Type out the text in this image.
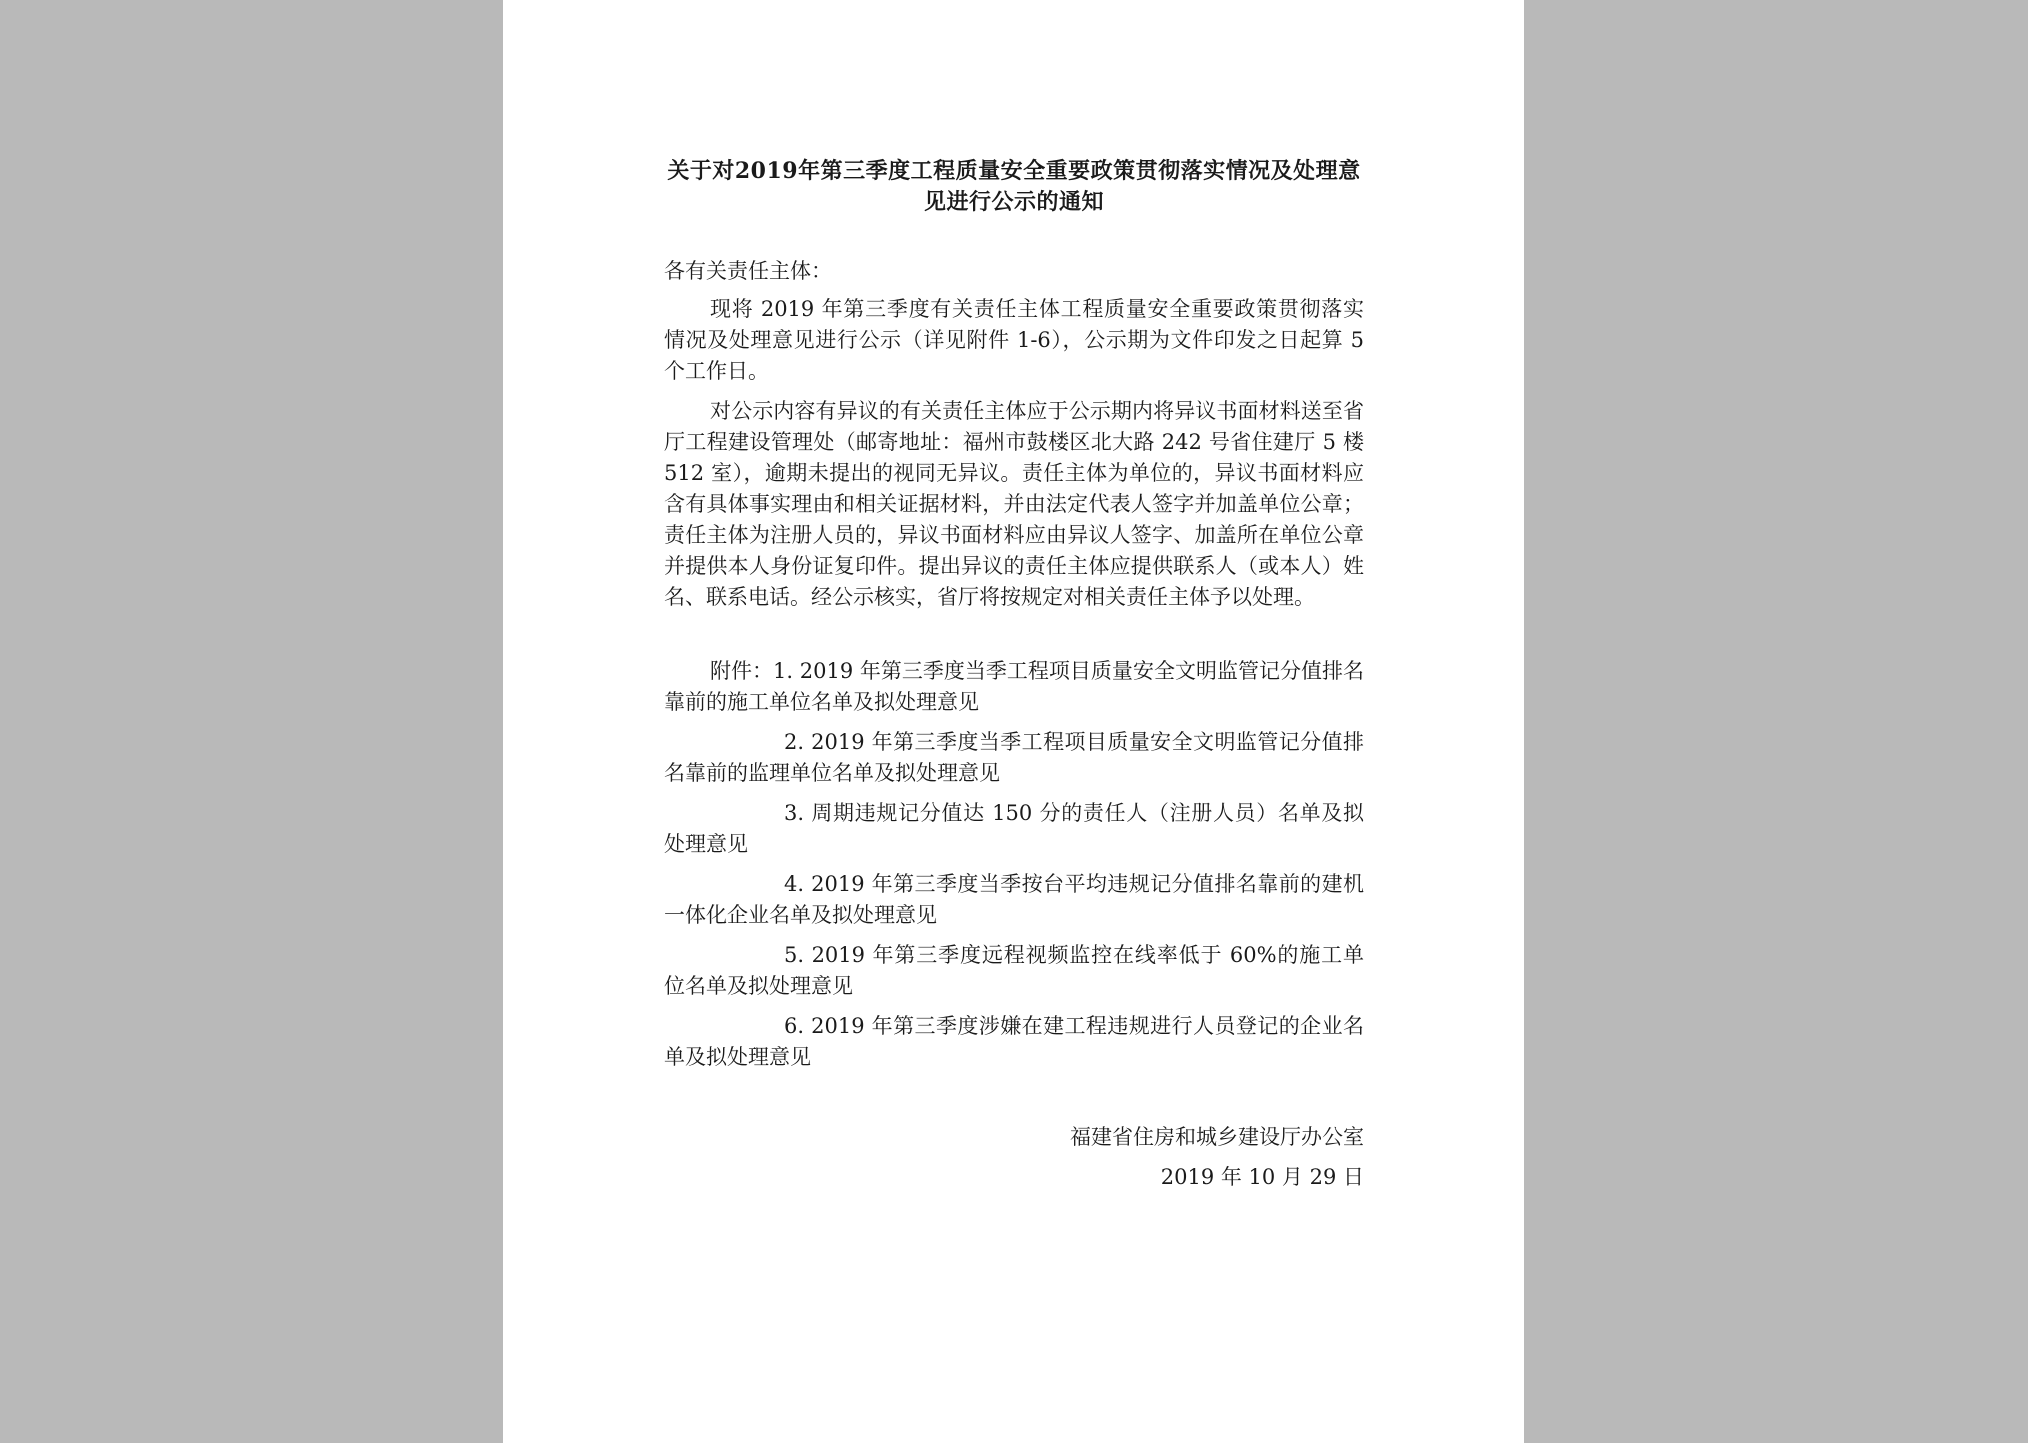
关于对2019年第三季度工程质量安全重要政策贯彻落实情况及处理意见进行公示的通知
各有关责任主体：

现将 2019 年第三季度有关责任主体工程质量安全重要政策贯彻落实情况及处理意见进行公示（详见附件 1-6），公示期为文件印发之日起算 5 个工作日。

对公示内容有异议的有关责任主体应于公示期内将异议书面材料送至省厅工程建设管理处（邮寄地址：福州市鼓楼区北大路 242 号省住建厅 5 楼 512 室），逾期未提出的视同无异议。责任主体为单位的，异议书面材料应含有具体事实理由和相关证据材料，并由法定代表人签字并加盖单位公章；责任主体为注册人员的，异议书面材料应由异议人签字、加盖所在单位公章并提供本人身份证复印件。提出异议的责任主体应提供联系人（或本人）姓名、联系电话。经公示核实，省厅将按规定对相关责任主体予以处理。

附件：1. 2019 年第三季度当季工程项目质量安全文明监管记分值排名靠前的施工单位名单及拟处理意见

2. 2019 年第三季度当季工程项目质量安全文明监管记分值排名靠前的监理单位名单及拟处理意见

3. 周期违规记分值达 150 分的责任人（注册人员）名单及拟处理意见

4. 2019 年第三季度当季按台平均违规记分值排名靠前的建机一体化企业名单及拟处理意见

5. 2019 年第三季度远程视频监控在线率低于 60%的施工单位名单及拟处理意见

6. 2019 年第三季度涉嫌在建工程违规进行人员登记的企业名单及拟处理意见

福建省住房和城乡建设厅办公室
2019 年 10 月 29 日
